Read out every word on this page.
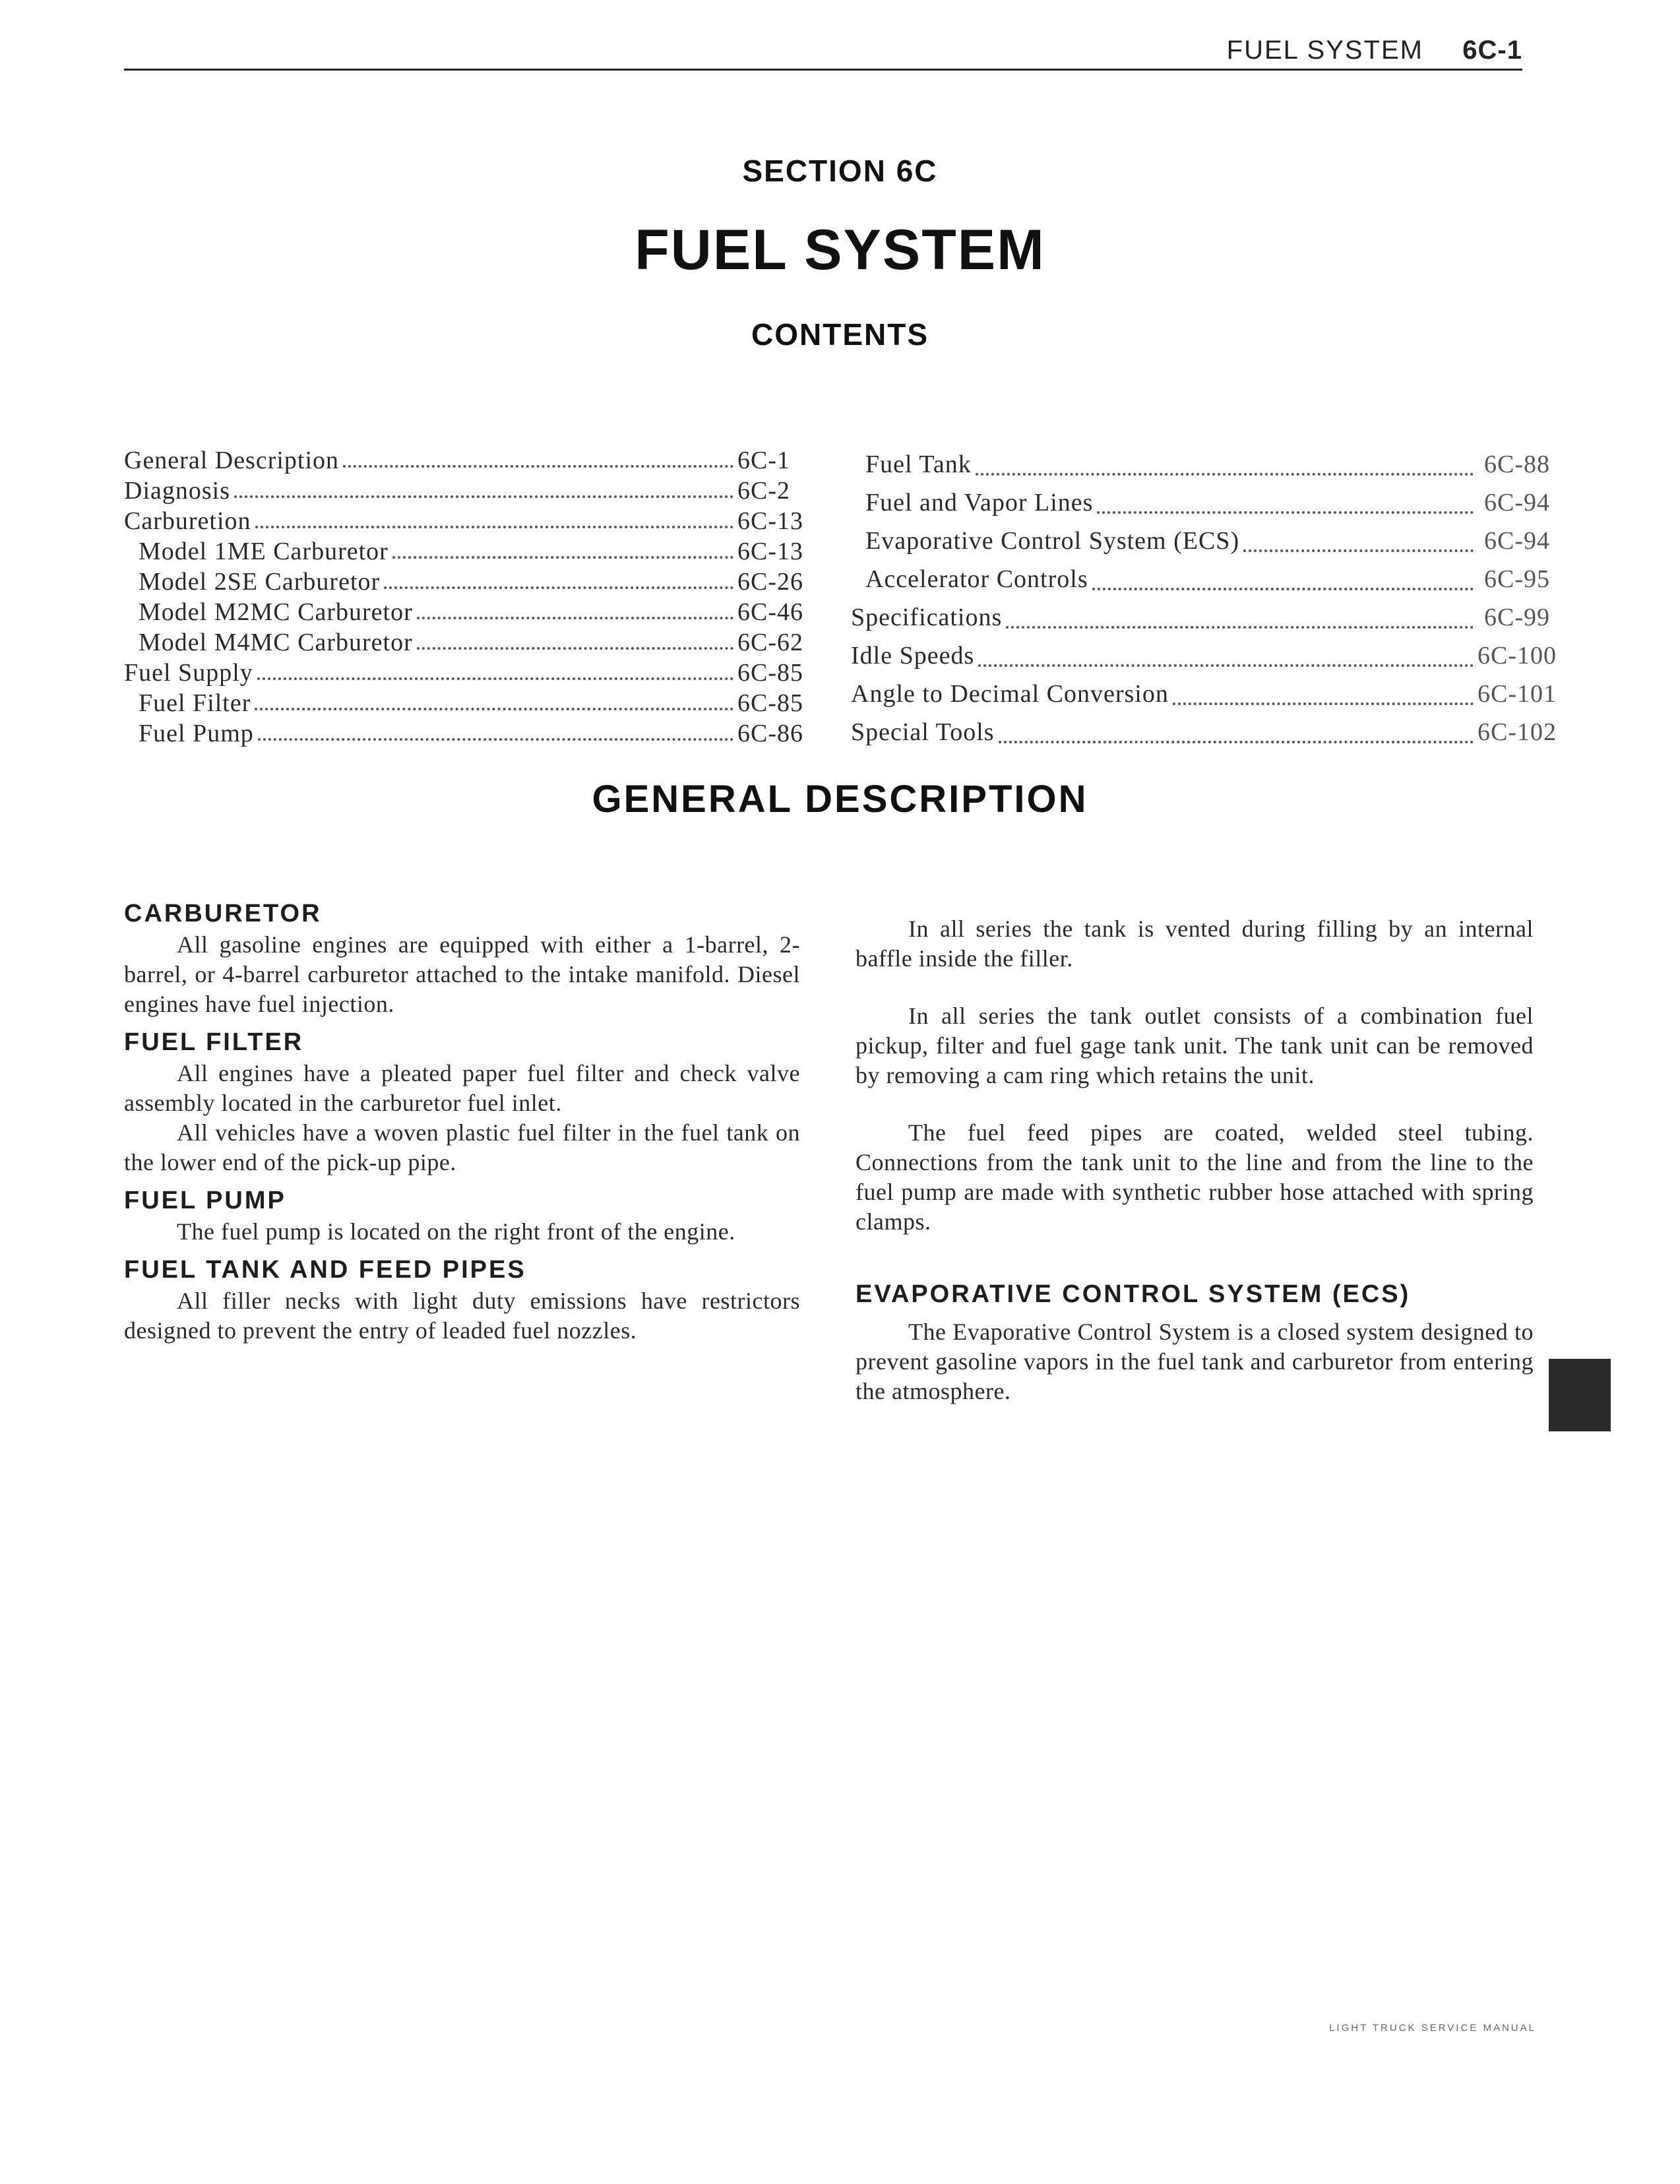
FUEL SYSTEM 6C-1
SECTION 6C
FUEL SYSTEM
CONTENTS
General Description	6C-1
Diagnosis	6C-2
Carburetion	6C-13
Model 1ME Carburetor	6C-13
Model 2SE Carburetor	6C-26
Model M2MC Carburetor	6C-46
Model M4MC Carburetor	6C-62
Fuel Supply	6C-85
Fuel Filter	6C-85
Fuel Pump	6C-86
Fuel Tank	6C-88
Fuel and Vapor Lines	6C-94
Evaporative Control System (ECS)	6C-94
Accelerator Controls	6C-95
Specifications	6C-99
Idle Speeds	6C-100
Angle to Decimal Conversion	6C-101
Special Tools	6C-102
GENERAL DESCRIPTION
CARBURETOR

All gasoline engines are equipped with either a 1-barrel, 2-barrel, or 4-barrel carburetor attached to the intake manifold. Diesel engines have fuel injection.

FUEL FILTER

All engines have a pleated paper fuel filter and check valve assembly located in the carburetor fuel inlet.

All vehicles have a woven plastic fuel filter in the fuel tank on the lower end of the pick-up pipe.

FUEL PUMP

The fuel pump is located on the right front of the engine.

FUEL TANK AND FEED PIPES

All filler necks with light duty emissions have restrictors designed to prevent the entry of leaded fuel nozzles.

In all series the tank is vented during filling by an internal baffle inside the filler.

In all series the tank outlet consists of a combination fuel pickup, filter and fuel gage tank unit. The tank unit can be removed by removing a cam ring which retains the unit.

The fuel feed pipes are coated, welded steel tubing. Connections from the tank unit to the line and from the line to the fuel pump are made with synthetic rubber hose attached with spring clamps.

EVAPORATIVE CONTROL SYSTEM (ECS)

The Evaporative Control System is a closed system designed to prevent gasoline vapors in the fuel tank and carburetor from entering the atmosphere.

LIGHT TRUCK SERVICE MANUAL
